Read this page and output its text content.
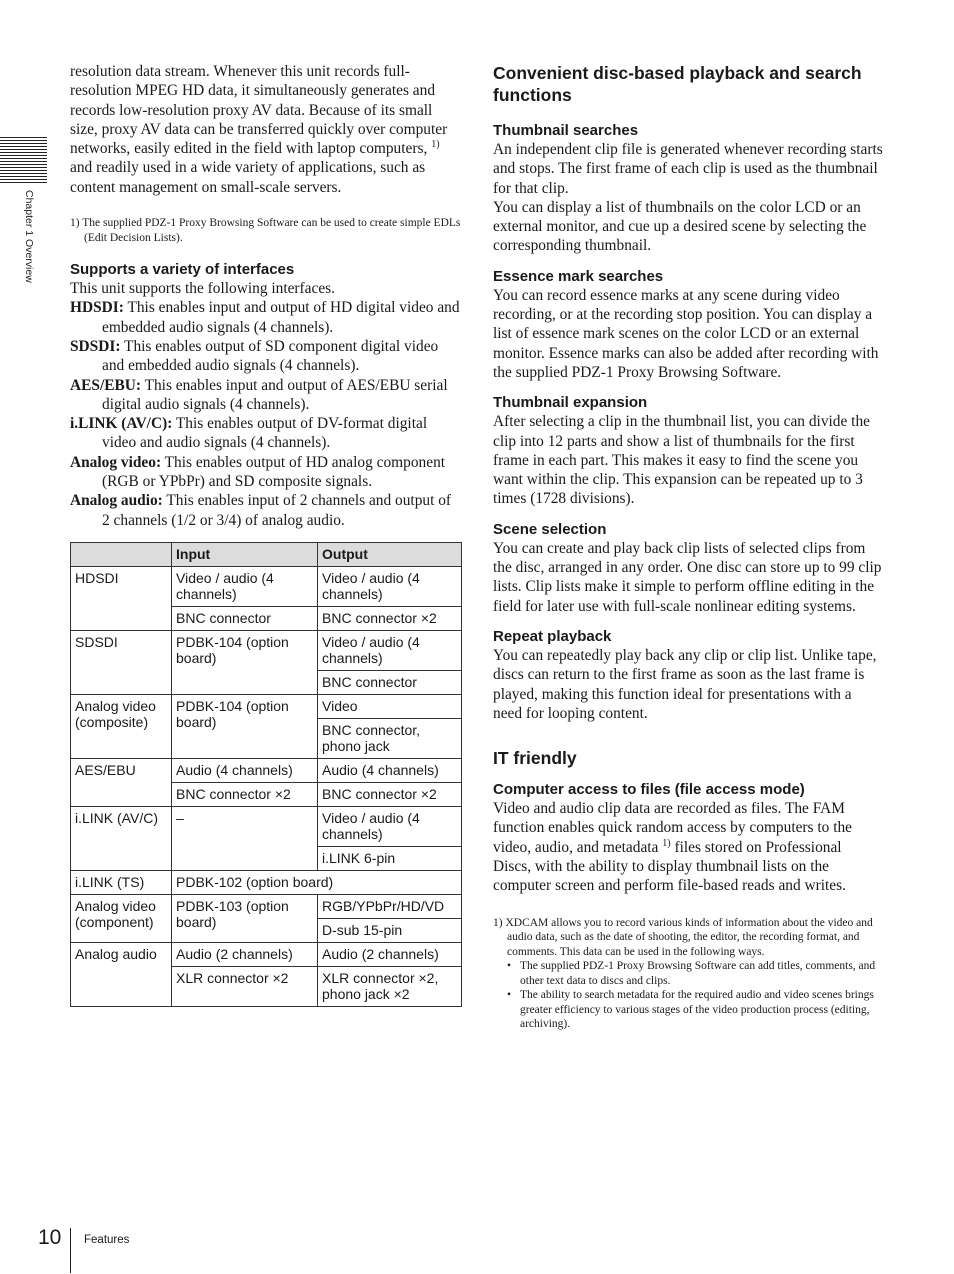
Chapter 1 Overview

resolution data stream. Whenever this unit records full-resolution MPEG HD data, it simultaneously generates and records low-resolution proxy AV data. Because of its small size, proxy AV data can be transferred quickly over computer networks, easily edited in the field with laptop computers, $^{1)}$ and readily used in a wide variety of applications, such as content management on small-scale servers.

1) The supplied PDZ-1 Proxy Browsing Software can be used to create simple EDLs (Edit Decision Lists).

Supports a variety of interfaces

This unit supports the following interfaces.

HDSDI: This enables input and output of HD digital video and embedded audio signals (4 channels).

SDSDI: This enables output of SD component digital video and embedded audio signals (4 channels).

AES/EBU: This enables input and output of AES/EBU serial digital audio signals (4 channels).

i.LINK (AV/C): This enables output of DV-format digital video and audio signals (4 channels).

Analog video: This enables output of HD analog component (RGB or YPbPr) and SD composite signals.

Analog audio: This enables input of 2 channels and output of 2 channels (1/2 or 3/4) of analog audio.

	Input	Output
HDSDI	Video / audio (4 channels)	Video / audio (4 channels)
	BNC connector	BNC connector ×2
SDSDI	PDBK-104 (option board)	Video / audio (4 channels)
		BNC connector
Analog video (composite)	PDBK-104 (option board)	Video
		BNC connector, phono jack
AES/EBU	Audio (4 channels)	Audio (4 channels)
	BNC connector ×2	BNC connector ×2
i.LINK (AV/C)	–	Video / audio (4 channels)
		i.LINK 6-pin
i.LINK (TS)	PDBK-102 (option board)	
Analog video (component)	PDBK-103 (option board)	RGB/YPbPr/HD/VD
		D-sub 15-pin
Analog audio	Audio (2 channels)	Audio (2 channels)
	XLR connector ×2	XLR connector ×2, phono jack ×2
Convenient disc-based playback and search functions
Thumbnail searches

An independent clip file is generated whenever recording starts and stops. The first frame of each clip is used as the thumbnail for that clip.

You can display a list of thumbnails on the color LCD or an external monitor, and cue up a desired scene by selecting the corresponding thumbnail.

Essence mark searches

You can record essence marks at any scene during video recording, or at the recording stop position. You can display a list of essence mark scenes on the color LCD or an external monitor. Essence marks can also be added after recording with the supplied PDZ-1 Proxy Browsing Software.

Thumbnail expansion

After selecting a clip in the thumbnail list, you can divide the clip into 12 parts and show a list of thumbnails for the first frame in each part. This makes it easy to find the scene you want within the clip. This expansion can be repeated up to 3 times (1728 divisions).

Scene selection

You can create and play back clip lists of selected clips from the disc, arranged in any order. One disc can store up to 99 clip lists. Clip lists make it simple to perform offline editing in the field for later use with full-scale nonlinear editing systems.

Repeat playback

You can repeatedly play back any clip or clip list. Unlike tape, discs can return to the first frame as soon as the last frame is played, making this function ideal for presentations with a need for looping content.

IT friendly
Computer access to files (file access mode)

Video and audio clip data are recorded as files. The FAM function enables quick random access by computers to the video, audio, and metadata $^{1)}$ files stored on Professional Discs, with the ability to display thumbnail lists on the computer screen and perform file-based reads and writes.

1) XDCAM allows you to record various kinds of information about the video and audio data, such as the date of shooting, the editor, the recording format, and comments. This data can be used in the following ways.

• The supplied PDZ-1 Proxy Browsing Software can add titles, comments, and other text data to discs and clips.
• The ability to search metadata for the required audio and video scenes brings greater efficiency to various stages of the video production process (editing, archiving).
10 Features
